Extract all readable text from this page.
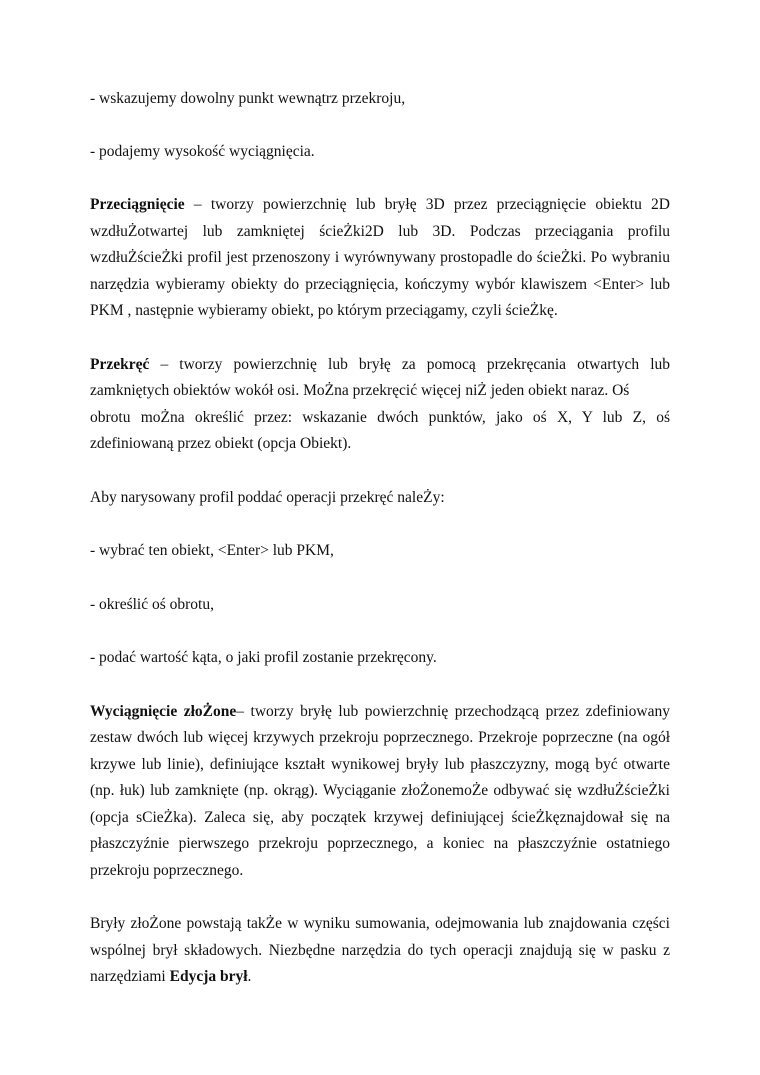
- wskazujemy dowolny punkt wewnątrz przekroju,
- podajemy wysokość wyciągnięcia.
Przeciągnięcie – tworzy powierzchnię lub bryłę 3D przez przeciągnięcie obiektu 2D
wzdłuŻotwartej lub zamkniętej ścieŻki2D lub 3D. Podczas przeciągania profilu
wzdłuŻścieŻki profil jest przenoszony i wyrównywany prostopadle do ścieŻki. Po wybraniu
narzędzia wybieramy obiekty do przeciągnięcia, kończymy wybór klawiszem <Enter> lub
PKM , następnie wybieramy obiekt, po którym przeciągamy, czyli ścieŻkę.
Przekręć – tworzy powierzchnię lub bryłę za pomocą przekręcania otwartych lub
zamkniętych obiektów wokół osi. MoŻna przekręcić więcej niŻ jeden obiekt naraz. Oś
obrotu moŻna określić przez: wskazanie dwóch punktów, jako oś X, Y lub Z, oś
zdefiniowaną przez obiekt (opcja Obiekt).
Aby narysowany profil poddać operacji przekręć naleŻy:
- wybrać ten obiekt, <Enter> lub PKM,
- określić oś obrotu,
- podać wartość kąta, o jaki profil zostanie przekręcony.
Wyciągnięcie złoŻone– tworzy bryłę lub powierzchnię przechodzącą przez zdefiniowany
zestaw dwóch lub więcej krzywych przekroju poprzecznego. Przekroje poprzeczne (na ogół
krzywe lub linie), definiujące kształt wynikowej bryły lub płaszczyzny, mogą być otwarte
(np. łuk) lub zamknięte (np. okrąg). Wyciąganie złoŻonemoŻe odbywać się wzdłuŻścieŻki
(opcja sCieŻka). Zaleca się, aby początek krzywej definiującej ścieŻkęznajdował się na
płaszczyźnie pierwszego przekroju poprzecznego, a koniec na płaszczyźnie ostatniego
przekroju poprzecznego.
Bryły złoŻone powstają takŻe w wyniku sumowania, odejmowania lub znajdowania części
wspólnej brył składowych. Niezbędne narzędzia do tych operacji znajdują się w pasku z
narzędziami Edycja brył.
